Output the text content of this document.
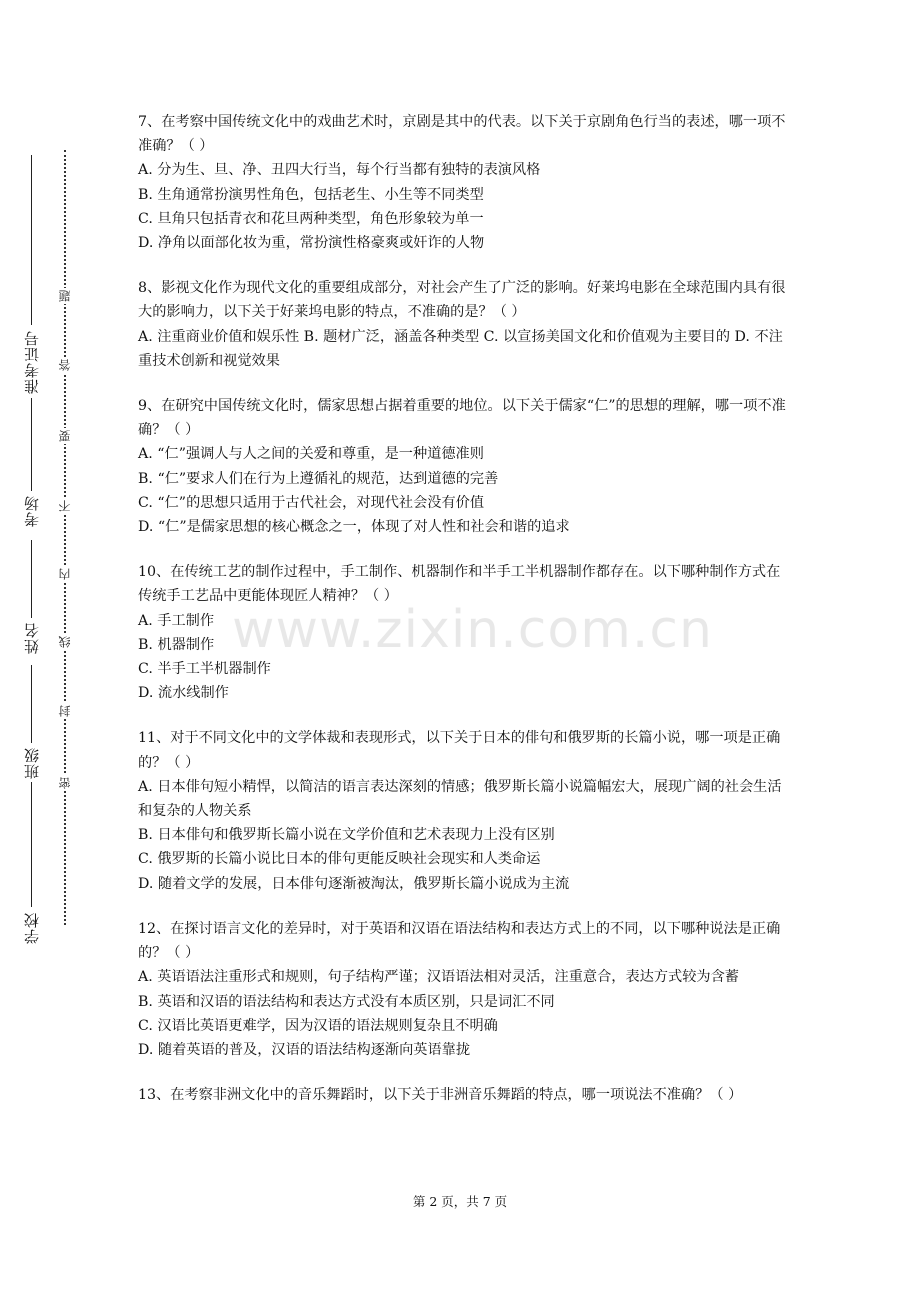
学校
班级
姓名
考场
准考证号
密
封
线
内
不
要
答
题

7、在考察中国传统文化中的戏曲艺术时，京剧是其中的代表。以下关于京剧角色行当的表述，哪一项不准确？（ ）

A. 分为生、旦、净、丑四大行当，每个行当都有独特的表演风格

B. 生角通常扮演男性角色，包括老生、小生等不同类型

C. 旦角只包括青衣和花旦两种类型，角色形象较为单一

D. 净角以面部化妆为重，常扮演性格豪爽或奸诈的人物

8、影视文化作为现代文化的重要组成部分，对社会产生了广泛的影响。好莱坞电影在全球范围内具有很大的影响力，以下关于好莱坞电影的特点，不准确的是？（ ）

A. 注重商业价值和娱乐性 B. 题材广泛，涵盖各种类型 C. 以宣扬美国文化和价值观为主要目的 D. 不注重技术创新和视觉效果

9、在研究中国传统文化时，儒家思想占据着重要的地位。以下关于儒家“仁”的思想的理解，哪一项不准确？（ ）

A. “仁”强调人与人之间的关爱和尊重，是一种道德准则

B. “仁”要求人们在行为上遵循礼的规范，达到道德的完善

C. “仁”的思想只适用于古代社会，对现代社会没有价值

D. “仁”是儒家思想的核心概念之一，体现了对人性和社会和谐的追求

10、在传统工艺的制作过程中，手工制作、机器制作和半手工半机器制作都存在。以下哪种制作方式在传统手工艺品中更能体现匠人精神？（ ）

A. 手工制作

B. 机器制作

C. 半手工半机器制作

D. 流水线制作

11、对于不同文化中的文学体裁和表现形式，以下关于日本的俳句和俄罗斯的长篇小说，哪一项是正确的？（ ）

A. 日本俳句短小精悍，以简洁的语言表达深刻的情感；俄罗斯长篇小说篇幅宏大，展现广阔的社会生活和复杂的人物关系

B. 日本俳句和俄罗斯长篇小说在文学价值和艺术表现力上没有区别

C. 俄罗斯的长篇小说比日本的俳句更能反映社会现实和人类命运

D. 随着文学的发展，日本俳句逐渐被淘汰，俄罗斯长篇小说成为主流

12、在探讨语言文化的差异时，对于英语和汉语在语法结构和表达方式上的不同，以下哪种说法是正确的？（ ）

A. 英语语法注重形式和规则，句子结构严谨；汉语语法相对灵活，注重意合，表达方式较为含蓄

B. 英语和汉语的语法结构和表达方式没有本质区别，只是词汇不同

C. 汉语比英语更难学，因为汉语的语法规则复杂且不明确

D. 随着英语的普及，汉语的语法结构逐渐向英语靠拢

13、在考察非洲文化中的音乐舞蹈时，以下关于非洲音乐舞蹈的特点，哪一项说法不准确？（ ）

www.zixin.com.cn
第 2 页，共 7 页
